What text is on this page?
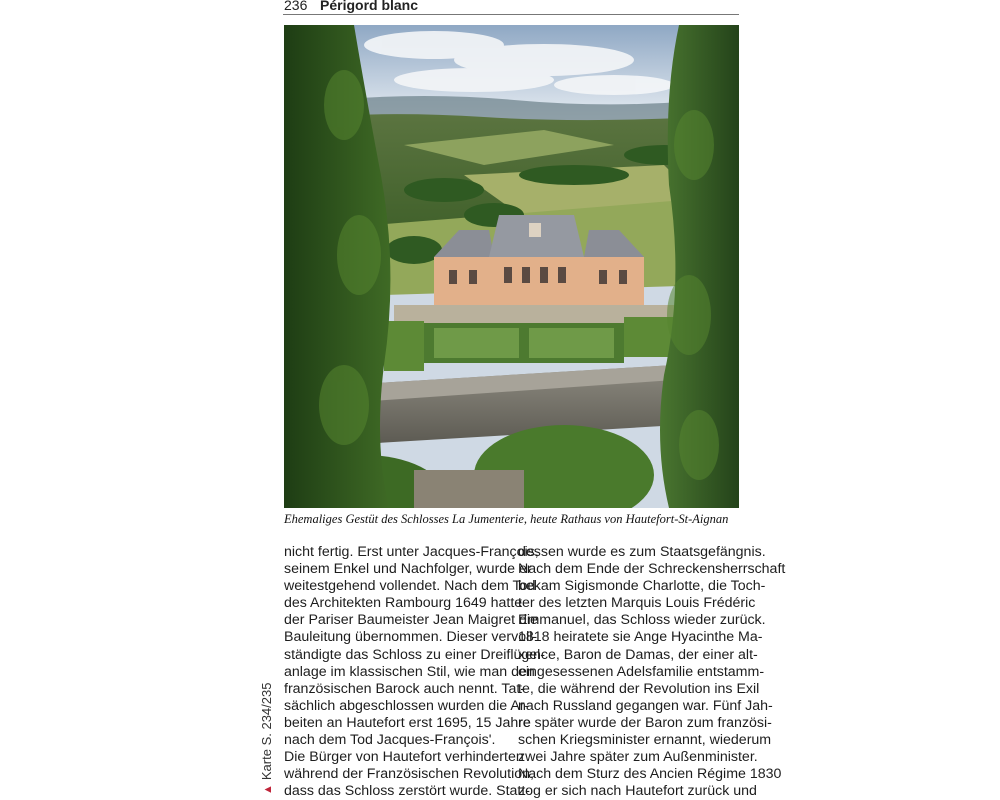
236 Périgord blanc
Ehemaliges Gestüt des Schlosses La Jumenterie, heute Rathaus von Hautefort-St-Aignan
nicht fertig. Erst unter Jacques-François,
seinem Enkel und Nachfolger, wurde er
weitestgehend vollendet. Nach dem Tod
des Architekten Rambourg 1649 hatte
der Pariser Baumeister Jean Maigret die
Bauleitung übernommen. Dieser vervoll-
ständigte das Schloss zu einer Dreiflügel-
anlage im klassischen Stil, wie man den
französischen Barock auch nennt. Tat-
sächlich abgeschlossen wurden die Ar-
beiten an Hautefort erst 1695, 15 Jahre
nach dem Tod Jacques-François'.
Die Bürger von Hautefort verhinderten
während der Französischen Revolution,
dass das Schloss zerstört wurde. Statt-
dessen wurde es zum Staatsgefängnis.
Nach dem Ende der Schreckensherrschaft
bekam Sigismonde Charlotte, die Toch-
ter des letzten Marquis Louis Frédéric
Emmanuel, das Schloss wieder zurück.
1818 heiratete sie Ange Hyacinthe Ma-
xence, Baron de Damas, der einer alt-
eingesessenen Adelsfamilie entstamm-
te, die während der Revolution ins Exil
nach Russland gegangen war. Fünf Jah-
re später wurde der Baron zum französi-
schen Kriegsminister ernannt, wiederum
zwei Jahre später zum Außenminister.
Nach dem Sturz des Ancien Régime 1830
zog er sich nach Hautefort zurück und
▲Karte S. 234/235
